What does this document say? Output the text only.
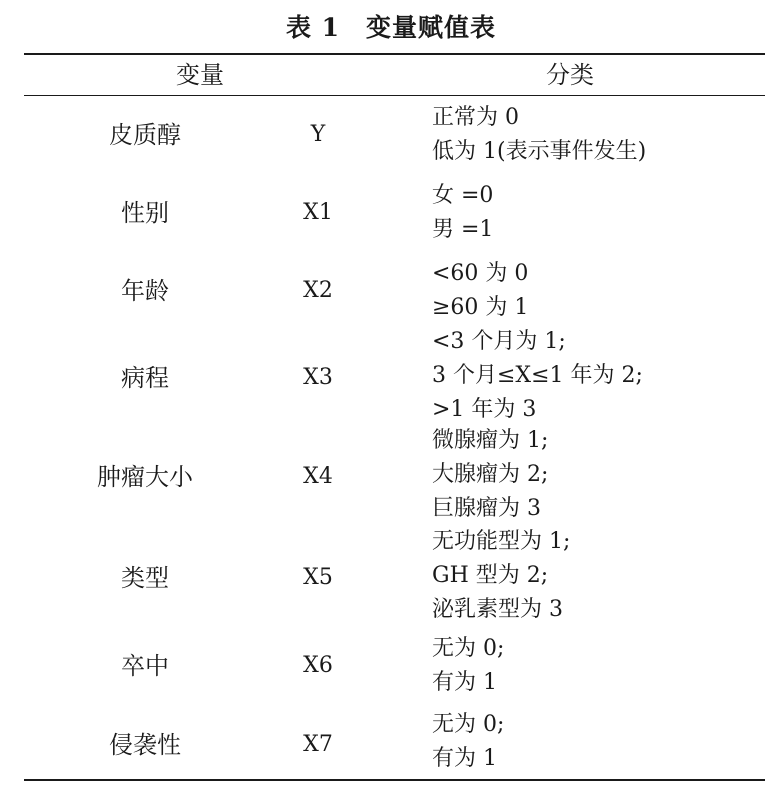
表 1 变量赋值表
变量	分类
皮质醇	Y
正常为 0
低为 1(表示事件发生)
性别	X1
女 =0
男 =1
年龄	X2
<60 为 0
≥60 为 1
病程	X3
<3 个月为 1;
3 个月≤X≤1 年为 2;
>1 年为 3
肿瘤大小	X4
微腺瘤为 1;
大腺瘤为 2;
巨腺瘤为 3
类型	X5
无功能型为 1;
GH 型为 2;
泌乳素型为 3
卒中	X6
无为 0;
有为 1
侵袭性	X7
无为 0;
有为 1
